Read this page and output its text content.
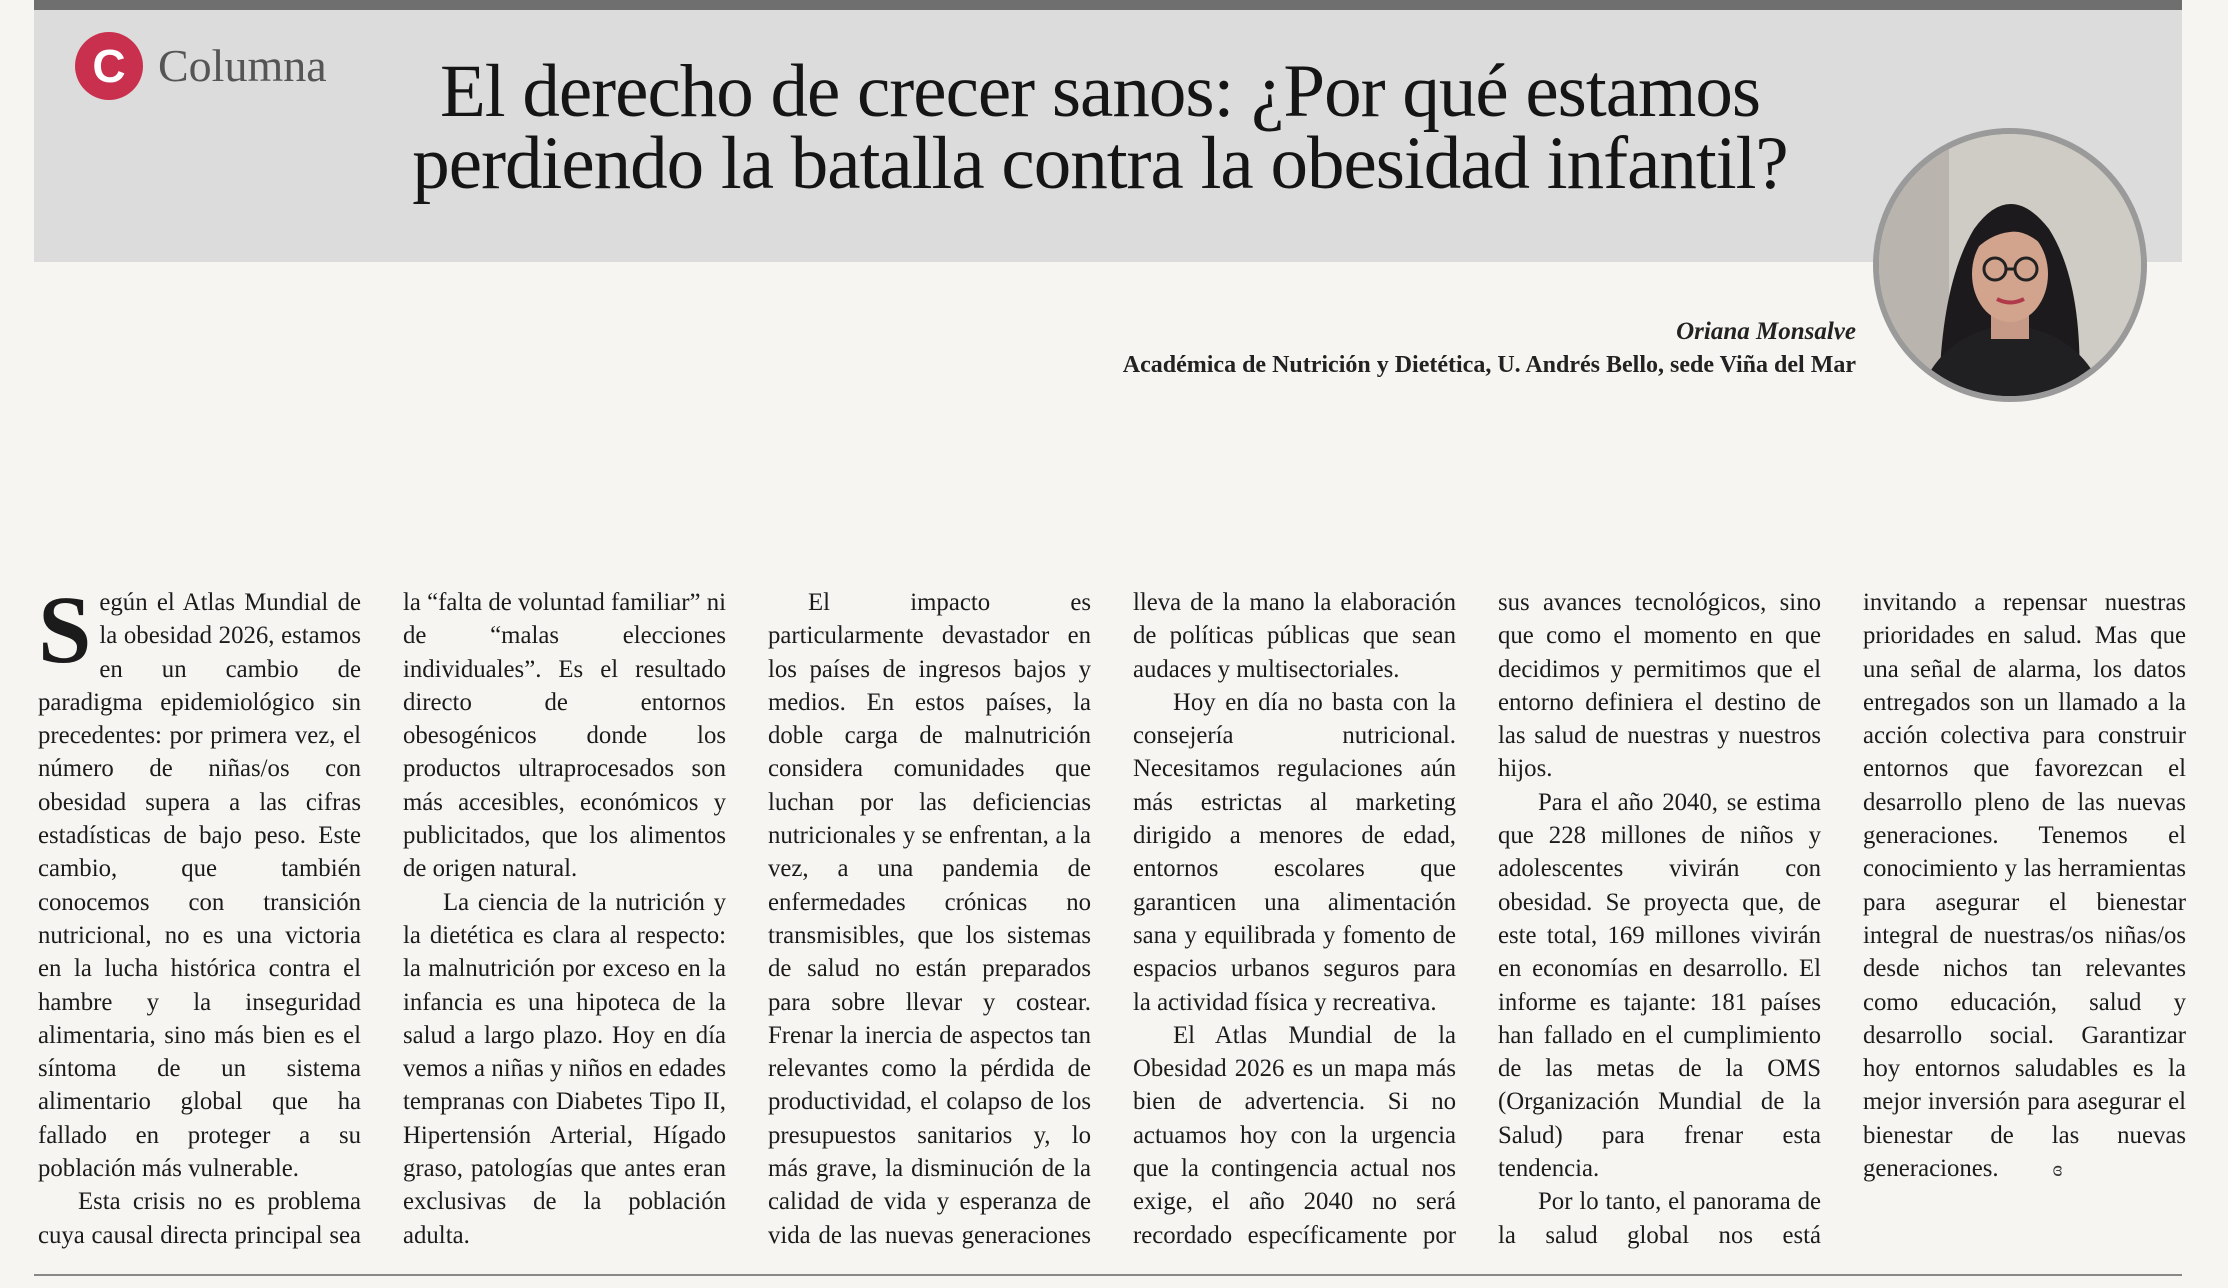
C Columna	El derecho de crecer sanos: ¿Por qué estamos
perdiendo la batalla contra la obesidad infantil?
Oriana Monsalve
Académica de Nutrición y Dietética, U. Andrés Bello, sede Viña del Mar

Según el Atlas Mundial de la obesidad 2026, estamos en un cambio de paradigma epidemiológico sin precedentes: por primera vez, el número de niñas/os con obesidad supera a las cifras estadísticas de bajo peso. Este cambio, que también conocemos con transición nutricional, no es una victoria en la lucha histórica contra el hambre y la inseguridad alimentaria, sino más bien es el síntoma de un sistema alimentario global que ha fallado en proteger a su población más vulnerable.

Esta crisis no es problema cuya causal directa principal sea la “falta de voluntad familiar” ni de “malas elecciones individuales”. Es el resultado directo de entornos obesogénicos donde los productos ultraprocesados son más accesibles, económicos y publicitados, que los alimentos de origen natural.

La ciencia de la nutrición y la dietética es clara al respecto: la malnutrición por exceso en la infancia es una hipoteca de la salud a largo plazo. Hoy en día vemos a niñas y niños en edades tempranas con Diabetes Tipo II, Hipertensión Arterial, Hígado graso, patologías que antes eran exclusivas de la población adulta.

El impacto es particularmente devastador en los países de ingresos bajos y medios. En estos países, la doble carga de malnutrición considera comunidades que luchan por las deficiencias nutricionales y se enfrentan, a la vez, a una pandemia de enfermedades crónicas no transmisibles, que los sistemas de salud no están preparados para sobre llevar y costear. Frenar la inercia de aspectos tan relevantes como la pérdida de productividad, el colapso de los presupuestos sanitarios y, lo más grave, la disminución de la calidad de vida y esperanza de vida de las nuevas generaciones lleva de la mano la elaboración de políticas públicas que sean audaces y multisectoriales.

Hoy en día no basta con la consejería nutricional. Necesitamos regulaciones aún más estrictas al marketing dirigido a menores de edad, entornos escolares que garanticen una alimentación sana y equilibrada y fomento de espacios urbanos seguros para la actividad física y recreativa.

El Atlas Mundial de la Obesidad 2026 es un mapa más bien de advertencia. Si no actuamos hoy con la urgencia que la contingencia actual nos exige, el año 2040 no será recordado específicamente por sus avances tecnológicos, sino que como el momento en que decidimos y permitimos que el entorno definiera el destino de las salud de nuestras y nuestros hijos.

Para el año 2040, se estima que 228 millones de niños y adolescentes vivirán con obesidad. Se proyecta que, de este total, 169 millones vivirán en economías en desarrollo. El informe es tajante: 181 países han fallado en el cumplimiento de las metas de la OMS (Organización Mundial de la Salud) para frenar esta tendencia.

Por lo tanto, el panorama de la salud global nos está invitando a repensar nuestras prioridades en salud. Mas que una señal de alarma, los datos entregados son un llamado a la acción colectiva para construir entornos que favorezcan el desarrollo pleno de las nuevas generaciones. Tenemos el conocimiento y las herramientas para asegurar el bienestar integral de nuestras/os niñas/os desde nichos tan relevantes como educación, salud y desarrollo social. Garantizar hoy entornos saludables es la mejor inversión para asegurar el bienestar de las nuevas generaciones. ɞ
